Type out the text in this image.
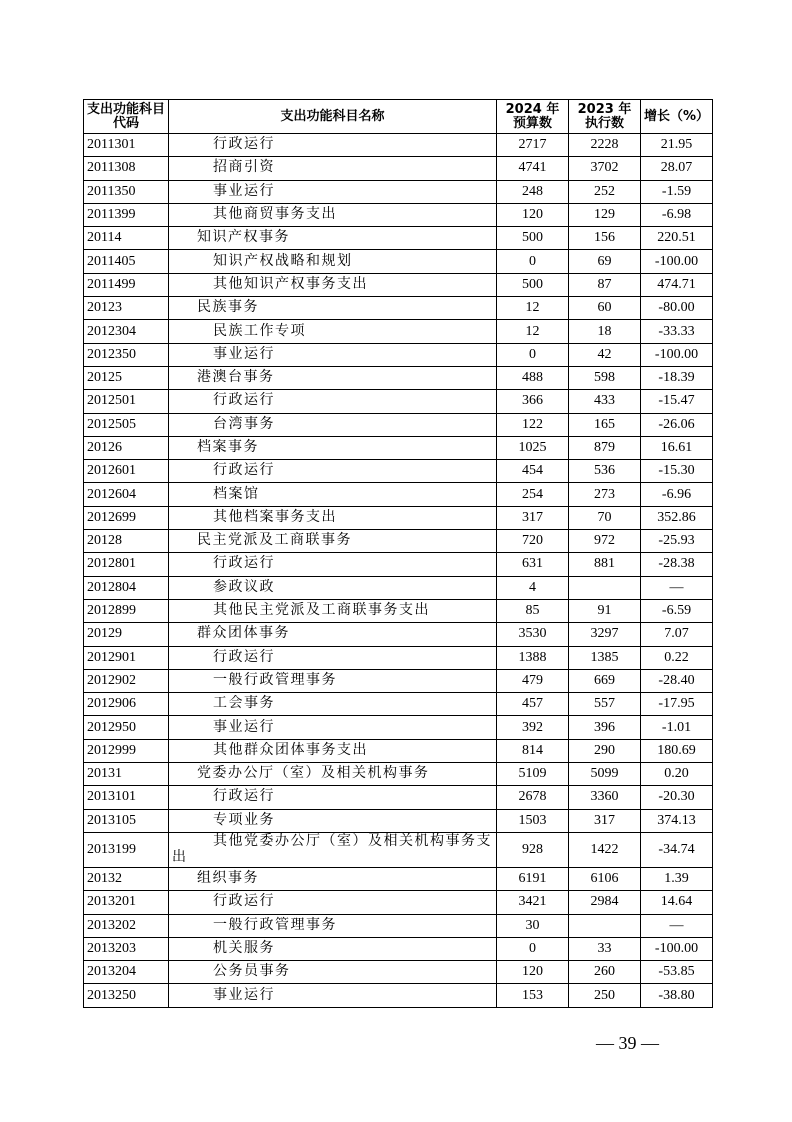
支出功能科目代码	支出功能科目名称	2024 年预算数	2023 年执行数	增长（%）
2011301	行政运行	2717	2228	21.95
2011308	招商引资	4741	3702	28.07
2011350	事业运行	248	252	-1.59
2011399	其他商贸事务支出	120	129	-6.98
20114	知识产权事务	500	156	220.51
2011405	知识产权战略和规划	0	69	-100.00
2011499	其他知识产权事务支出	500	87	474.71
20123	民族事务	12	60	-80.00
2012304	民族工作专项	12	18	-33.33
2012350	事业运行	0	42	-100.00
20125	港澳台事务	488	598	-18.39
2012501	行政运行	366	433	-15.47
2012505	台湾事务	122	165	-26.06
20126	档案事务	1025	879	16.61
2012601	行政运行	454	536	-15.30
2012604	档案馆	254	273	-6.96
2012699	其他档案事务支出	317	70	352.86
20128	民主党派及工商联事务	720	972	-25.93
2012801	行政运行	631	881	-28.38
2012804	参政议政	4		—
2012899	其他民主党派及工商联事务支出	85	91	-6.59
20129	群众团体事务	3530	3297	7.07
2012901	行政运行	1388	1385	0.22
2012902	一般行政管理事务	479	669	-28.40
2012906	工会事务	457	557	-17.95
2012950	事业运行	392	396	-1.01
2012999	其他群众团体事务支出	814	290	180.69
20131	党委办公厅（室）及相关机构事务	5109	5099	0.20
2013101	行政运行	2678	3360	-20.30
2013105	专项业务	1503	317	374.13
2013199	其他党委办公厅（室）及相关机构事务支出	928	1422	-34.74
20132	组织事务	6191	6106	1.39
2013201	行政运行	3421	2984	14.64
2013202	一般行政管理事务	30		—
2013203	机关服务	0	33	-100.00
2013204	公务员事务	120	260	-53.85
2013250	事业运行	153	250	-38.80
— 39 —
